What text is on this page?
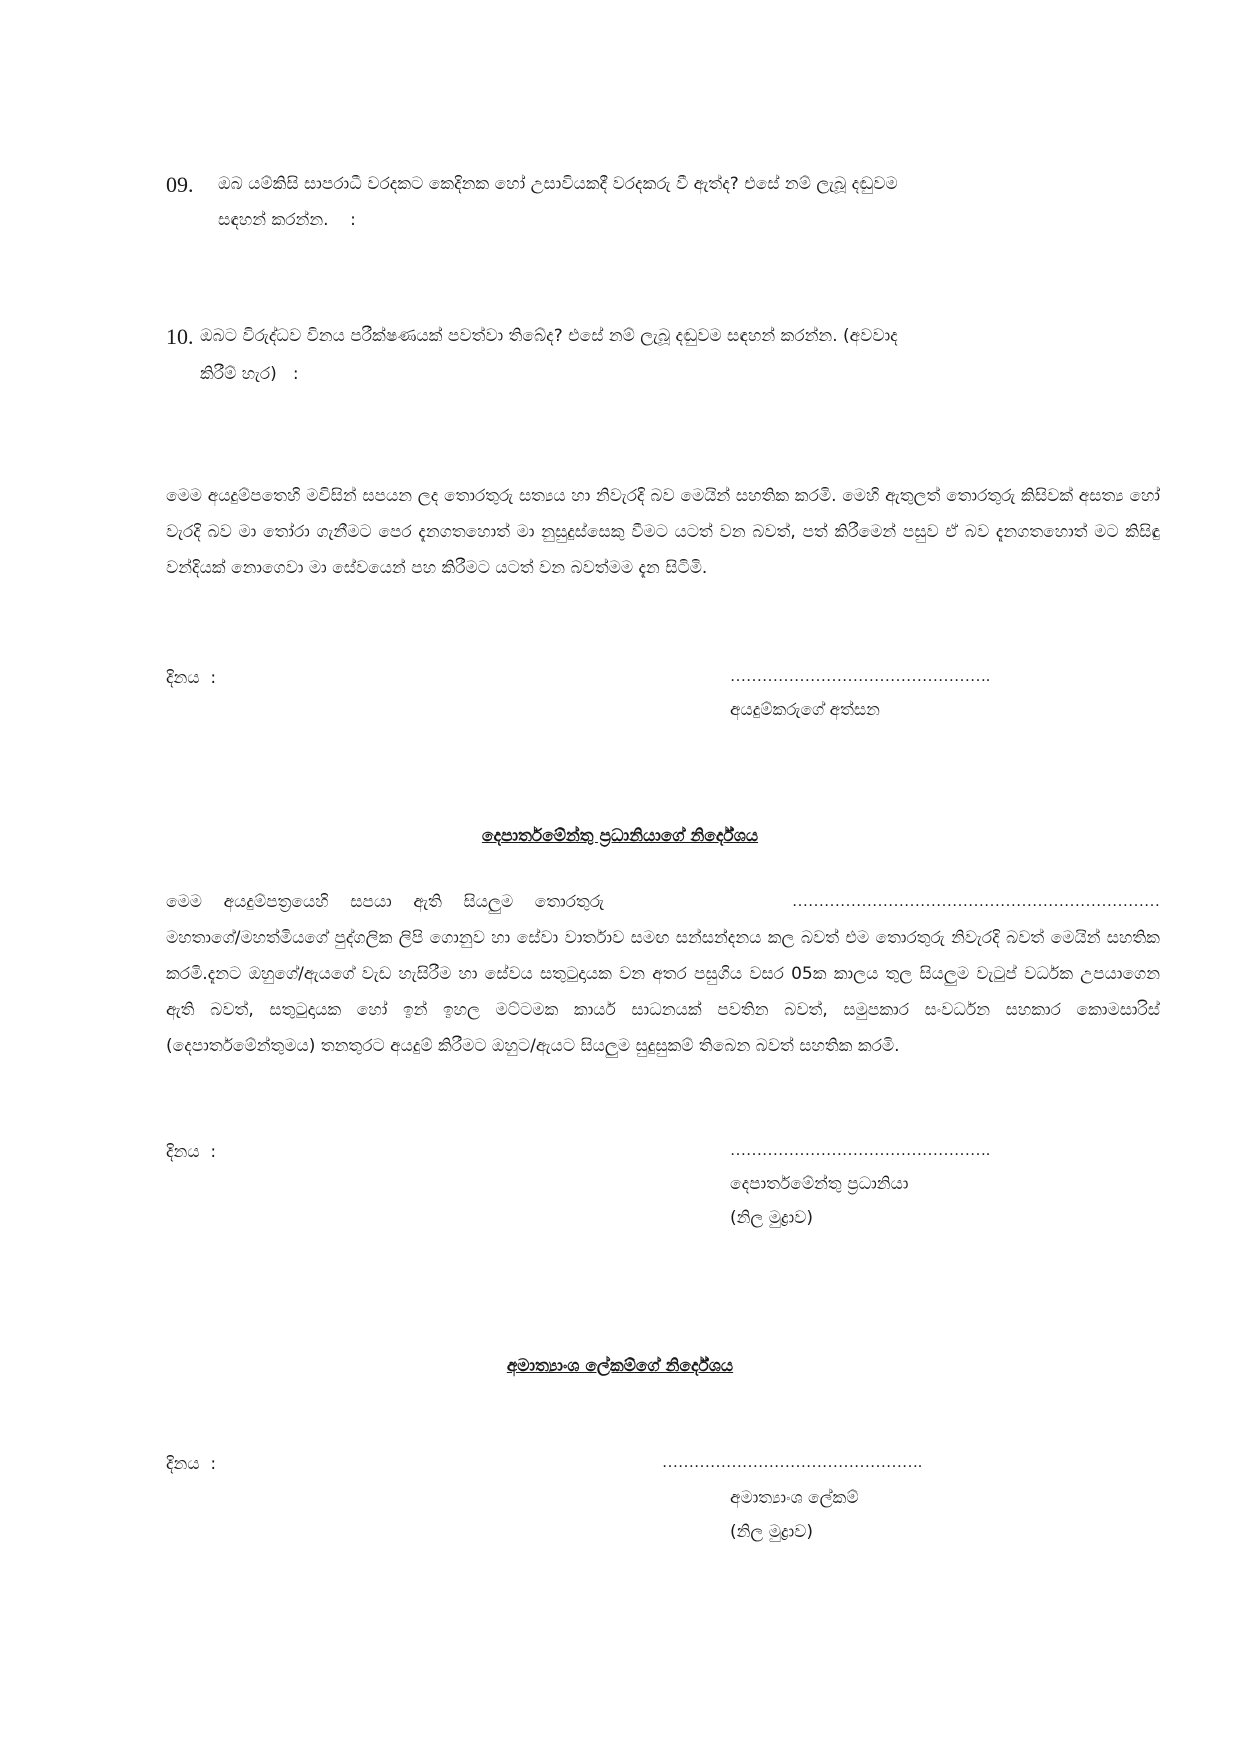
09. ඔබ යම්කිසි සාපරාධී වරදකට කෙදිනක හෝ උසාවියකදී වරදකරු වී ඇත්ද? එසේ නම් ලැබූ දඬුවම
සඳහන් කරන්න.    :
10. ඔබට විරුද්ධව විනය පරීක්ෂණයක් පවත්වා තිබේද? එසේ නම් ලැබූ දඬුවම සඳහන් කරන්න. (අවවාද
කිරීම් හැර)   :
මෙම අයදුම්පතෙහි මවිසින් සපයන ලද තොරතුරු සත්‍යය හා නිවැරදි බව මෙයින් සහතික කරමි. මෙහි ඇතුලත් තොරතුරු කිසිවක් අසත්‍ය හෝ වැරදි බව මා තෝරා ගැනීමට පෙර දැනගතහොත් මා නුසුදුස්සෙකු වීමට යටත් වන බවත්, පත් කිරීමෙන් පසුව ඒ බව දැනගතහොත් මට කිසිඳු වන්දියක් නොගෙවා මා සේවයෙන් පහ කිරීමට යටත් වන බවත්මම දැන සිටිමි.
දිනය  :	………………………………………….
අයදුම්කරුගේ අත්සන
දෙපාර්තමේන්තු ප්‍රධානියාගේ නිර්දේශය
මෙම    අයදුම්පත්‍රයෙහි    සපයා    ඇති    සියලුම    තොරතුරු	……………………………………………………………
මහතාගේ/මහත්මියගේ පුද්ගලික ලිපි ගොනුව හා සේවා වාර්තාව සමඟ සන්සන්දනය කල බවත් එම තොරතුරු නිවැරදි බවත් මෙයින් සහතික කරමි.දැනට ඔහුගේ/ඇයගේ වැඩ හැසිරීම හා සේවය සතුටුදායක වන අතර පසුගිය වසර 05ක කාලය තුල සියලුම වැටුප් වර්ධක උපයාගෙන ඇති බවත්, සතුටුදායක හෝ ඉන් ඉහල මට්ටමක කාර්ය සාධනයක් පවතින බවත්, සමුපකාර සංවර්ධන සහකාර කොමසාරිස් (දෙපාර්තමේන්තුමය) තනතුරට අයදුම් කිරීමට ඔහුට/ඇයට සියලුම සුදුසුකම් තිබෙන බවත් සහතික කරමි.
දිනය  :	………………………………………….
දෙපාර්තමේන්තු ප්‍රධානියා
(නිල මුද්‍රාව)
අමාත්‍යාංශ ලේකම්ගේ නිර්දේශය
දිනය  :	………………………………………….
අමාත්‍යාංශ ලේකම්
(නිල මුද්‍රාව)
